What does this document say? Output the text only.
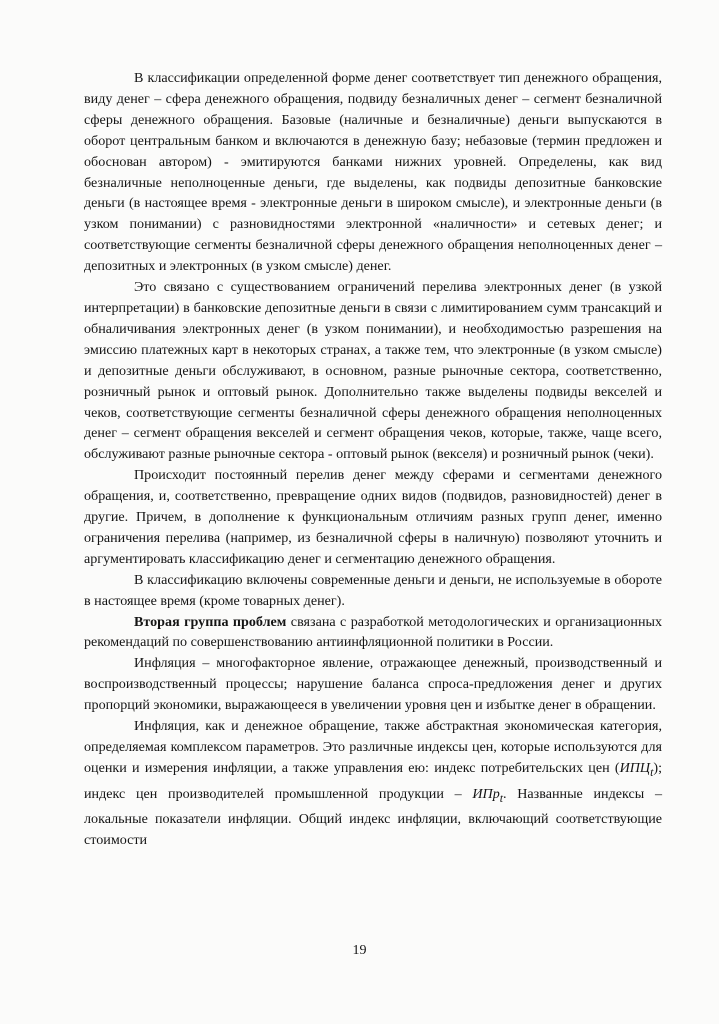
В классификации определенной форме денег соответствует тип денежного обращения, виду денег – сфера денежного обращения, подвиду безналичных денег – сегмент безналичной сферы денежного обращения. Базовые (наличные и безналичные) деньги выпускаются в оборот центральным банком и включаются в денежную базу; небазовые (термин предложен и обоснован автором) - эмитируются банками нижних уровней. Определены, как вид безналичные неполноценные деньги, где выделены, как подвиды депозитные банковские деньги (в настоящее время - электронные деньги в широком смысле), и электронные деньги (в узком понимании) с разновидностями электронной «наличности» и сетевых денег; и соответствующие сегменты безналичной сферы денежного обращения неполноценных денег – депозитных и электронных (в узком смысле) денег.

Это связано с существованием ограничений перелива электронных денег (в узкой интерпретации) в банковские депозитные деньги в связи с лимитированием сумм трансакций и обналичивания электронных денег (в узком понимании), и необходимостью разрешения на эмиссию платежных карт в некоторых странах, а также тем, что электронные (в узком смысле) и депозитные деньги обслуживают, в основном, разные рыночные сектора, соответственно, розничный рынок и оптовый рынок. Дополнительно также выделены подвиды векселей и чеков, соответствующие сегменты безналичной сферы денежного обращения неполноценных денег – сегмент обращения векселей и сегмент обращения чеков, которые, также, чаще всего, обслуживают разные рыночные сектора - оптовый рынок (векселя) и розничный рынок (чеки).

Происходит постоянный перелив денег между сферами и сегментами денежного обращения, и, соответственно, превращение одних видов (подвидов, разновидностей) денег в другие. Причем, в дополнение к функциональным отличиям разных групп денег, именно ограничения перелива (например, из безналичной сферы в наличную) позволяют уточнить и аргументировать классификацию денег и сегментацию денежного обращения.

В классификацию включены современные деньги и деньги, не используемые в обороте в настоящее время (кроме товарных денег).

Вторая группа проблем связана с разработкой методологических и организационных рекомендаций по совершенствованию антиинфляционной политики в России.

Инфляция – многофакторное явление, отражающее денежный, производственный и воспроизводственный процессы; нарушение баланса спроса-предложения денег и других пропорций экономики, выражающееся в увеличении уровня цен и избытке денег в обращении.

Инфляция, как и денежное обращение, также абстрактная экономическая категория, определяемая комплексом параметров. Это различные индексы цен, которые используются для оценки и измерения инфляции, а также управления ею: индекс потребительских цен $(ИПЦ_t)$; индекс цен производителей промышленной продукции – ИПр$_t$. Названные индексы – локальные показатели инфляции. Общий индекс инфляции, включающий соответствующие стоимости

19
